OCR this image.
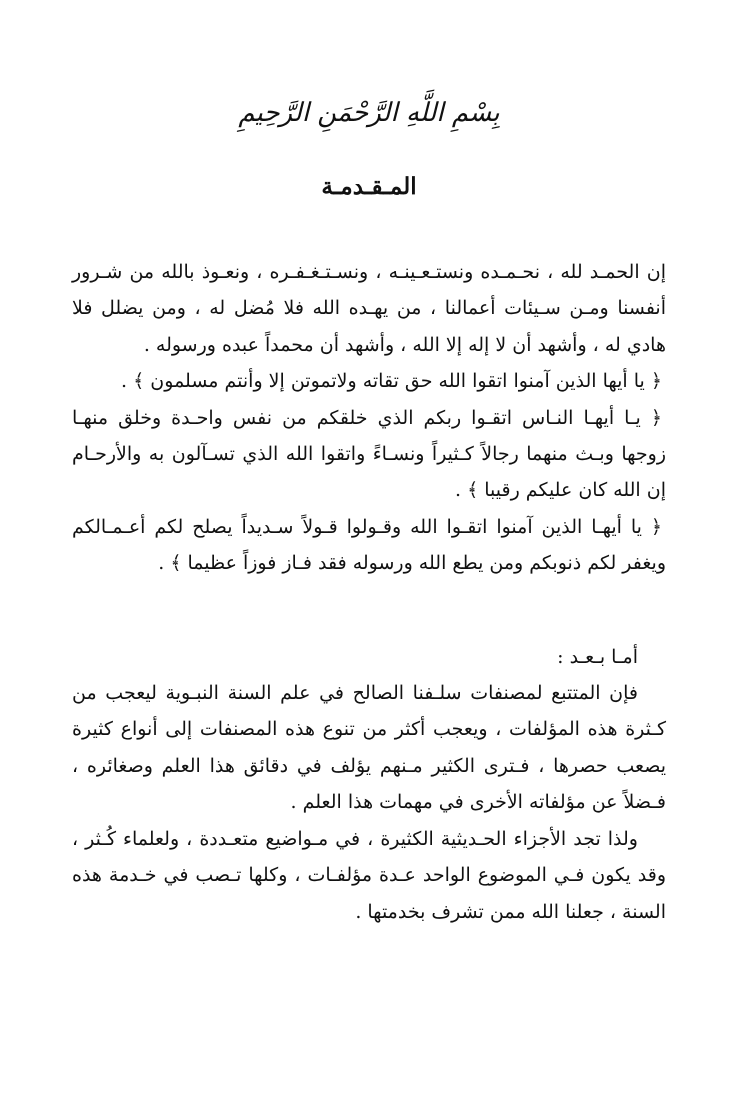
بِسْمِ اللَّهِ الرَّحْمَنِ الرَّحِيمِ
المـقـدمـة

إن الحمـد لله ، نحـمـده ونستـعـينـه ، ونسـتـغـفـره ، ونعـوذ بالله من شـرور أنفسنا ومـن سـيئات أعمالنا ، من يهـده الله فلا مُضل له ، ومن يضلل فلا هادي له ، وأشهد أن لا إله إلا الله ، وأشهد أن محمداً عبده ورسوله .

﴿ يا أيها الذين آمنوا اتقوا الله حق تقاته ولاتموتن إلا وأنتم مسلمون ﴾ .

﴿ يـا أيهـا النـاس اتقـوا ربكم الذي خلقكم من نفس واحـدة وخلق منهـا زوجها وبـث منهما رجالاً كـثيراً ونسـاءً واتقوا الله الذي تسـآلون به والأرحـام إن الله كان عليكم رقيبا ﴾ .

﴿ يا أيهـا الذين آمنوا اتقـوا الله وقـولوا قـولاً سـديداً يصلح لكم أعـمـالكم ويغفر لكم ذنوبكم ومن يطع الله ورسوله فقد فـاز فوزاً عظيما ﴾ .

أمـا بـعـد :

فإن المتتبع لمصنفات سلـفنا الصالح في علم السنة النبـوية ليعجب من كـثرة هذه المؤلفات ، ويعجب أكثر من تنوع هذه المصنفات إلى أنواع كثيرة يصعب حصرها ، فـترى الكثير مـنهم يؤلف في دقائق هذا العلم وصغائره ، فـضلاً عن مؤلفاته الأخرى في مهمات هذا العلم .

ولذا تجد الأجزاء الحـديثية الكثيرة ، في مـواضيع متعـددة ، ولعلماء كُـثر ، وقد يكون فـي الموضوع الواحد عـدة مؤلفـات ، وكلها تـصب في خـدمة هذه السنة ، جعلنا الله ممن تشرف بخدمتها .
